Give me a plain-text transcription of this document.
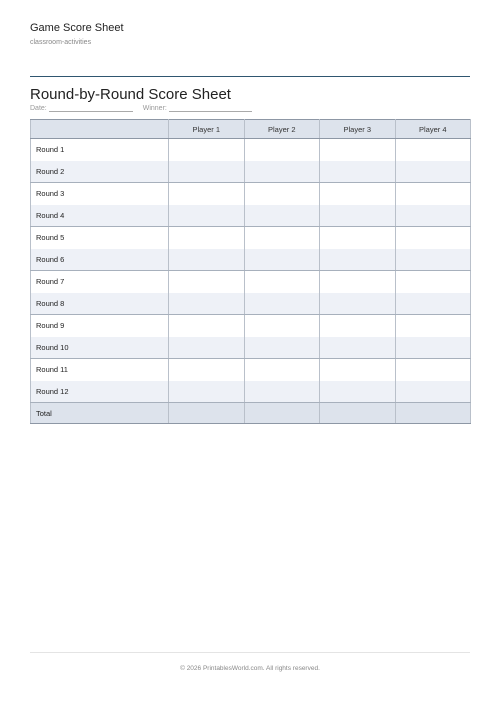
Game Score Sheet
classroom-activities
Round-by-Round Score Sheet
Date:	Winner:
	Player 1	Player 2	Player 3	Player 4
Round 1				
Round 2				
Round 3				
Round 4				
Round 5				
Round 6				
Round 7				
Round 8				
Round 9				
Round 10				
Round 11				
Round 12				
Total				
© 2026 PrintablesWorld.com. All rights reserved.
